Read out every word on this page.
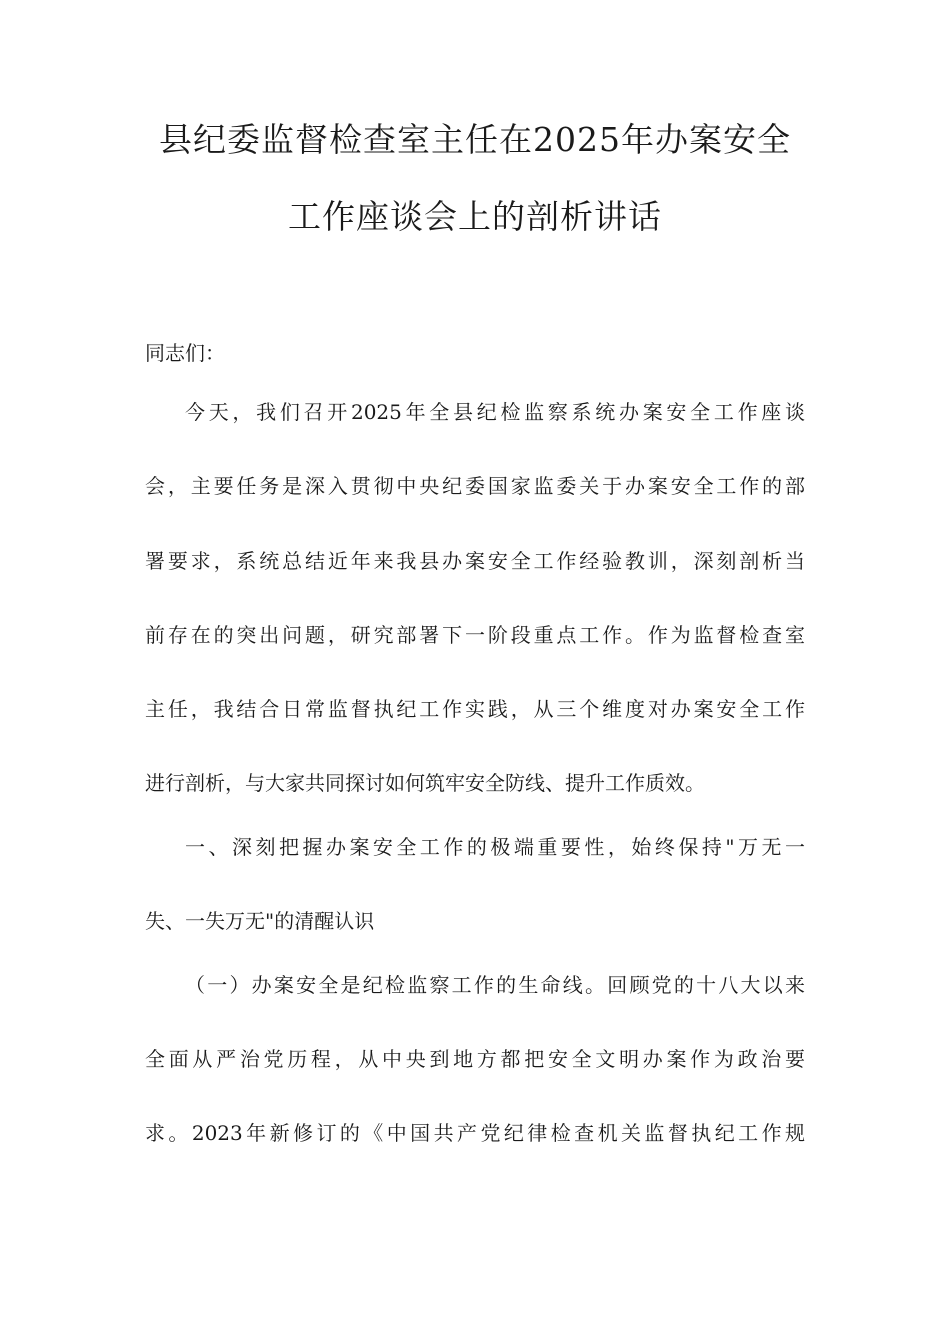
县纪委监督检查室主任在2025年办案安全
工作座谈会上的剖析讲话
同志们：
今天，我们召开2025年全县纪检监察系统办案安全工作座谈
会，主要任务是深入贯彻中央纪委国家监委关于办案安全工作的部
署要求，系统总结近年来我县办案安全工作经验教训，深刻剖析当
前存在的突出问题，研究部署下一阶段重点工作。作为监督检查室
主任，我结合日常监督执纪工作实践，从三个维度对办案安全工作
进行剖析，与大家共同探讨如何筑牢安全防线、提升工作质效。
一、深刻把握办案安全工作的极端重要性，始终保持"万无一
失、一失万无"的清醒认识
（一）办案安全是纪检监察工作的生命线。回顾党的十八大以来
全面从严治党历程，从中央到地方都把安全文明办案作为政治要
求。2023年新修订的《中国共产党纪律检查机关监督执纪工作规
